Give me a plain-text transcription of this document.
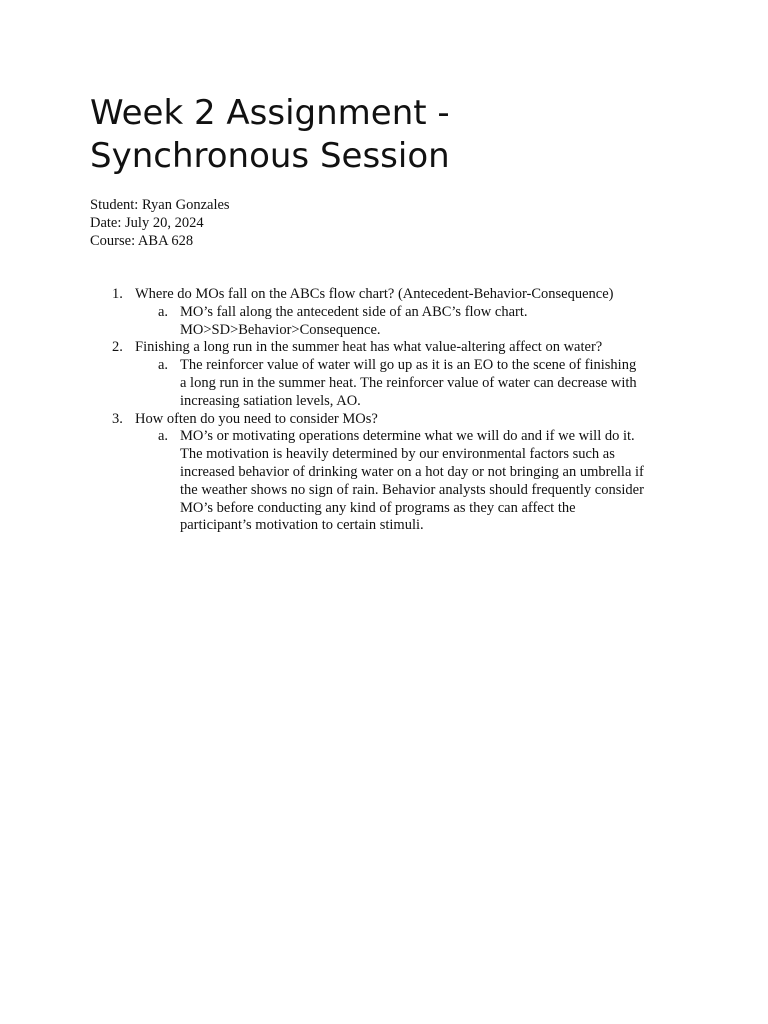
Week 2 Assignment -
Synchronous Session
Student: Ryan Gonzales
Date: July 20, 2024
Course: ABA 628
1. Where do MOs fall on the ABCs flow chart? (Antecedent-Behavior-Consequence)
a. MO’s fall along the antecedent side of an ABC’s flow chart.
MO>SD>Behavior>Consequence.
2. Finishing a long run in the summer heat has what value-altering affect on water?
a. The reinforcer value of water will go up as it is an EO to the scene of finishing
a long run in the summer heat. The reinforcer value of water can decrease with
increasing satiation levels, AO.
3. How often do you need to consider MOs?
a. MO’s or motivating operations determine what we will do and if we will do it.
The motivation is heavily determined by our environmental factors such as
increased behavior of drinking water on a hot day or not bringing an umbrella if
the weather shows no sign of rain. Behavior analysts should frequently consider
MO’s before conducting any kind of programs as they can affect the
participant’s motivation to certain stimuli.
